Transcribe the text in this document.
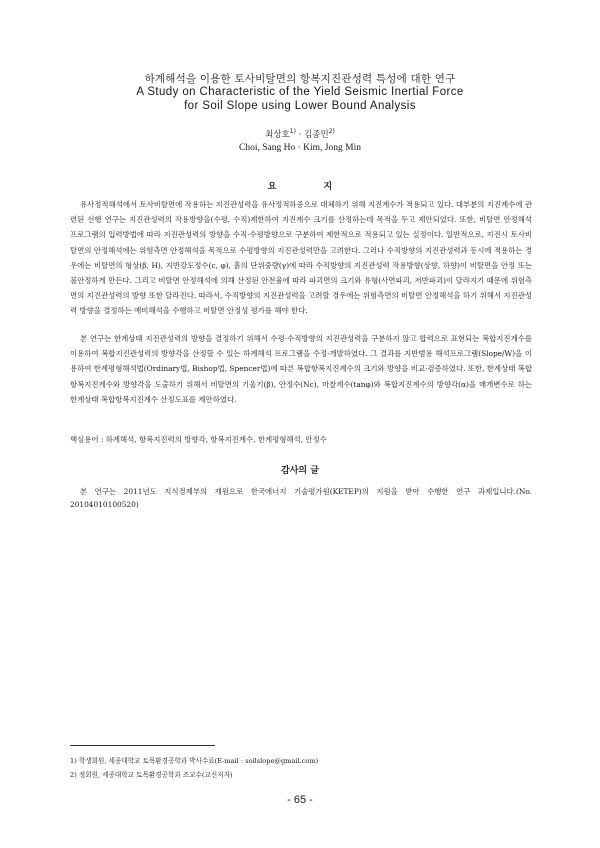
하계해석을 이용한 토사비탈면의 항복지진관성력 특성에 대한 연구
A Study on Characteristic of the Yield Seismic Inertial Force
for Soil Slope using Lower Bound Analysis
최상호$^{1)}$ · 김종민$^{2)}$
Choi, Sang Ho · Kim, Jong Min
요 지

유사정적해석에서 토사비탈면에 작용하는 지진관성력을 유사정적하중으로 대체하기 위해 지진계수가 적용되고 있다. 대부분의 지진계수에 관련된 선행 연구는 지진관성력의 작용방향을(수평, 수직)제한하여 지진계수 크기를 산정하는데 목적을 두고 제안되었다. 또한, 비탈면 안정해석 프로그램의 입력방법에 따라 지진관성력의 방향을 수직·수평방향으로 구분하여 제한적으로 적용되고 있는 실정이다. 일반적으로, 지진시 토사비탈면의 안정해석에는 위험측면 안정해석을 목적으로 수평방향의 지진관성력만을 고려한다. 그러나 수직방향의 지진관성력과 동시에 적용하는 경우에는 비탈면의 형상(β, H), 지반강도정수(c, φ), 흙의 단위중량(γ)에 따라 수직방향의 지진관성력 작용방향(상향, 하향)이 비탈면을 안정 또는 불안정하게 만든다. 그리고 비탈면 안정해석에 의해 산정된 안전율에 따라 파괴면의 크기와 유형(사면파괴, 저반파괴)이 달라지기 때문에 위험측면의 지진관성력의 방향 또한 달라진다. 따라서, 수직방향의 지진관성력을 고려할 경우에는 위험측면의 비탈면 안정해석을 하기 위해서 지진관성력 방향을 결정하는 예비해석을 수행하고 비탈면 안정성 평가를 해야 한다.

본 연구는 한계상태 지진관성력의 방향을 결정하기 위해서 수평·수직방향의 지진관성력을 구분하지 않고 합력으로 표현되는 복합지진계수를 이용하여 복합지진관성력의 방향각을 산정할 수 있는 하계해석 프로그램을 수정·개발하였다. 그 결과를 지반범용 해석프로그램(Slope/W)을 이용하여 한계평형해석법(Ordinary법, Bishop법, Spencer법)에 따른 복합항복지진계수의 크기와 방향을 비교·검증하였다. 또한, 한계상태 복합항복지진계수와 방향각을 도출하기 위해서 비탈면의 기울기(β), 안정수(Nc), 마찰계수(tanφ)와 복합지진계수의 방향각(α)을 매개변수로 하는 한계상태 복합항복지진계수 산정도표를 제안하였다.

핵심용어 : 하계해석, 항복지진력의 방향각, 항복지진계수, 한계평형해석, 안정수

감사의 글

본 연구는 2011년도 지식경제부의 재원으로 한국에너지 기술평가원(KETEP)의 지원을 받아 수행한 연구 과제입니다.(No. 20104010100520)

1) 학생회원, 세종대학교 토목환경공학과 박사수료(E-mail : soilslope@gmail.com)

2) 정회원, 세종대학교 토목환경공학과 조교수(교신저자)

- 65 -
